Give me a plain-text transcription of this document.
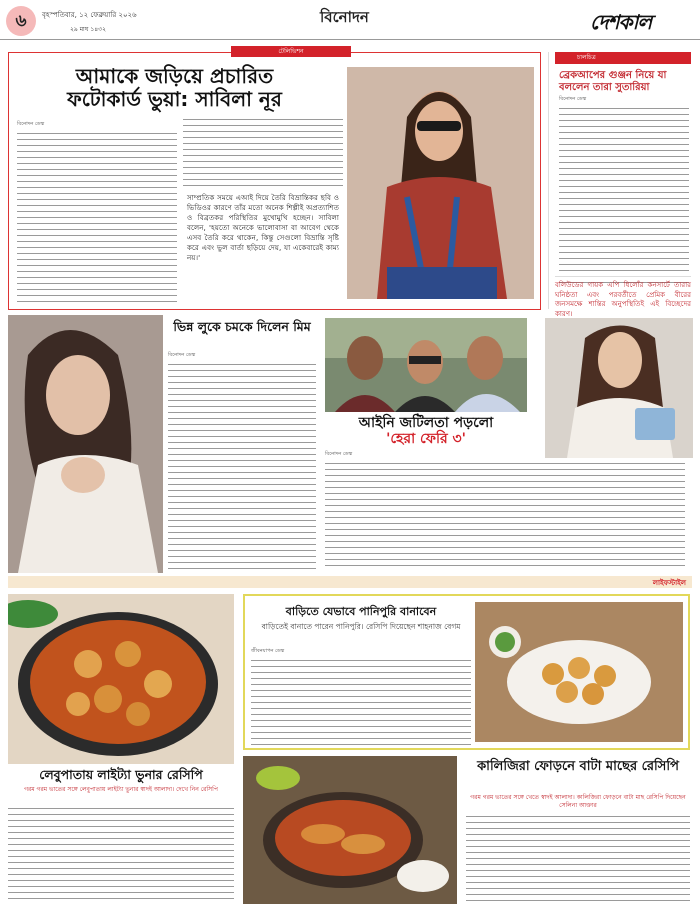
৬	বৃহস্পতিবার, ১২ ফেব্রুয়ারি ২০২৬
২৯ মাঘ ১৪৩২
বিনোদন	দেশকাল
টেলিভিশন
আমাকে জড়িয়ে প্রচারিত
ফটোকার্ড ভুয়া: সাবিলা নূর
বিনোদন ডেস্ক
সাম্প্রতিক সময়ে এআই দিয়ে তৈরি বিভ্রান্তিকর ছবি ও ভিডিওর কারণে তাঁর মতো অনেক শিল্পীই অপ্রত্যাশিত ও বিব্রতকর পরিস্থিতির মুখোমুখি হচ্ছেন। সাবিলা বলেন, 'হয়তো অনেকে ভালোবাসা বা আবেগ থেকে এসব তৈরি করে থাকেন, কিন্তু সেগুলো বিভ্রান্তি সৃষ্টি করে এবং ভুল বার্তা ছড়িয়ে দেয়, যা একেবারেই কাম্য নয়।'
চালচিত্র
ব্রেকআপের গুঞ্জন নিয়ে যা বললেন তারা সুতারিয়া
বিনোদন ডেস্ক
বলিউডের গায়ক এপি ধিলোঁর কনসার্টে তারার ঘনিষ্ঠতা এবং পরবর্তীতে প্রেমিক বীরের জনসমক্ষে শান্তির অনুপস্থিতিই এই বিচ্ছেদের কারণ।
ভিন্ন লুকে চমকে দিলেন মিম
বিনোদন ডেস্ক
আইনি জটিলতা পড়লো
'হেরা ফেরি ৩'
বিনোদন ডেস্ক
লাইফস্টাইল
লেবুপাতায় লাইট্যা ভুনার রেসিপি
গরম গরম ভাতের সঙ্গে লেবুপাতায় লাইট্যা ভুনার স্বাদই আলাদা। দেখে নিন রেসিপি
বাড়িতে যেভাবে পানিপুরি বানাবেন
বাড়িতেই বানাতে পারেন পানিপুরি। রেসিপি দিয়েছেন শাহনাজ বেগম
জীবনযাপন ডেস্ক
কালিজিরা ফোড়নে বাটা মাছের রেসিপি
গরম গরম ভাতের সঙ্গে খেতে স্বাদই আলাদা। কালিজিরা ফোড়নে বাটা মাছ রেসিপি দিয়েছেন সেলিনা আক্তার
